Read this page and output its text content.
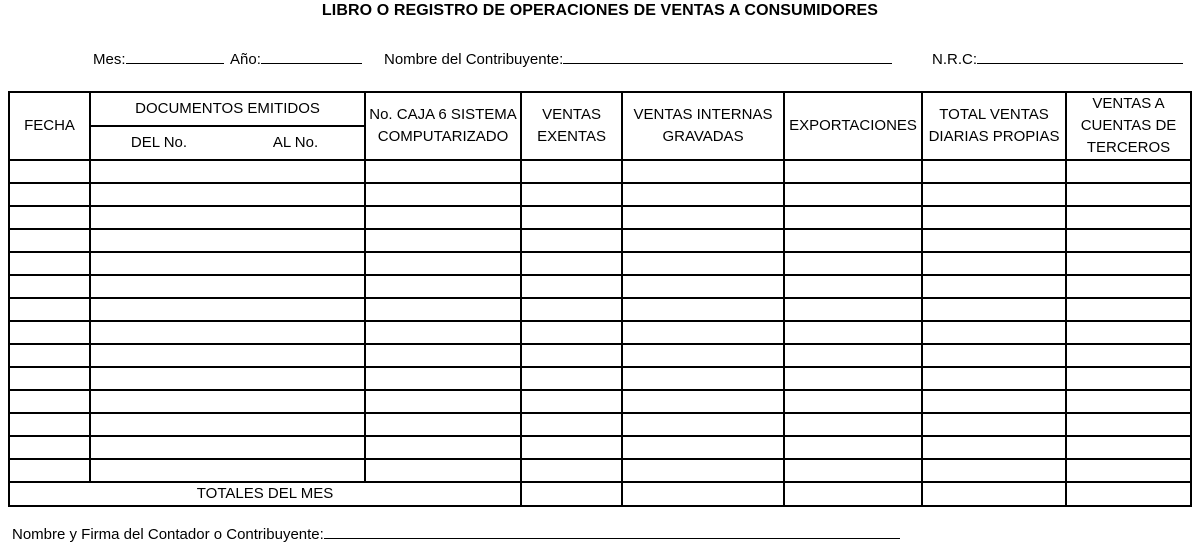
LIBRO O REGISTRO DE OPERACIONES DE VENTAS A CONSUMIDORES
Mes:	Año:	Nombre del Contribuyente:	N.R.C:
FECHA	DOCUMENTOS EMITIDOS		No. CAJA 6 SISTEMA COMPUTARIZADO	VENTAS EXENTAS	VENTAS INTERNAS GRAVADAS	EXPORTACIONES	TOTAL VENTAS DIARIAS PROPIAS	VENTAS A CUENTAS DE TERCEROS
	DEL No.	AL No.						

TOTALES DEL MES								
Nombre y Firma del Contador o Contribuyente:
